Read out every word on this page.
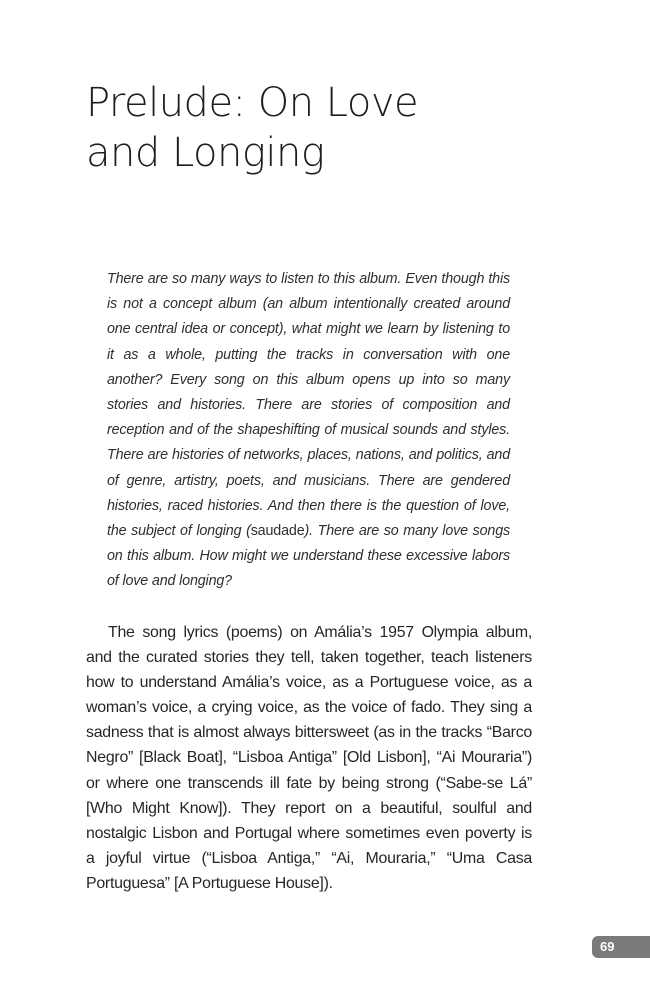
Prelude: On Love
and Longing

There are so many ways to listen to this album. Even though this is not a concept album (an album intentionally created around one central idea or concept), what might we learn by listening to it as a whole, putting the tracks in conversation with one another? Every song on this album opens up into so many stories and histories. There are stories of composition and reception and of the shapeshifting of musical sounds and styles. There are histories of networks, places, nations, and politics, and of genre, artistry, poets, and musicians. There are gendered histories, raced histories. And then there is the question of love, the subject of longing (saudade). There are so many love songs on this album. How might we understand these excessive labors of love and longing?

The song lyrics (poems) on Amália’s 1957 Olympia album, and the curated stories they tell, taken together, teach listeners how to understand Amália’s voice, as a Portuguese voice, as a woman’s voice, a crying voice, as the voice of fado. They sing a sadness that is almost always bittersweet (as in the tracks “Barco Negro” [Black Boat], “Lisboa Antiga” [Old Lisbon], “Ai Mouraria”) or where one transcends ill fate by being strong (“Sabe-se Lá” [Who Might Know]). They report on a beautiful, soulful and nostalgic Lisbon and Portugal where sometimes even poverty is a joyful virtue (“Lisboa Antiga,” “Ai, Mouraria,” “Uma Casa Portuguesa” [A Portuguese House]).

69
